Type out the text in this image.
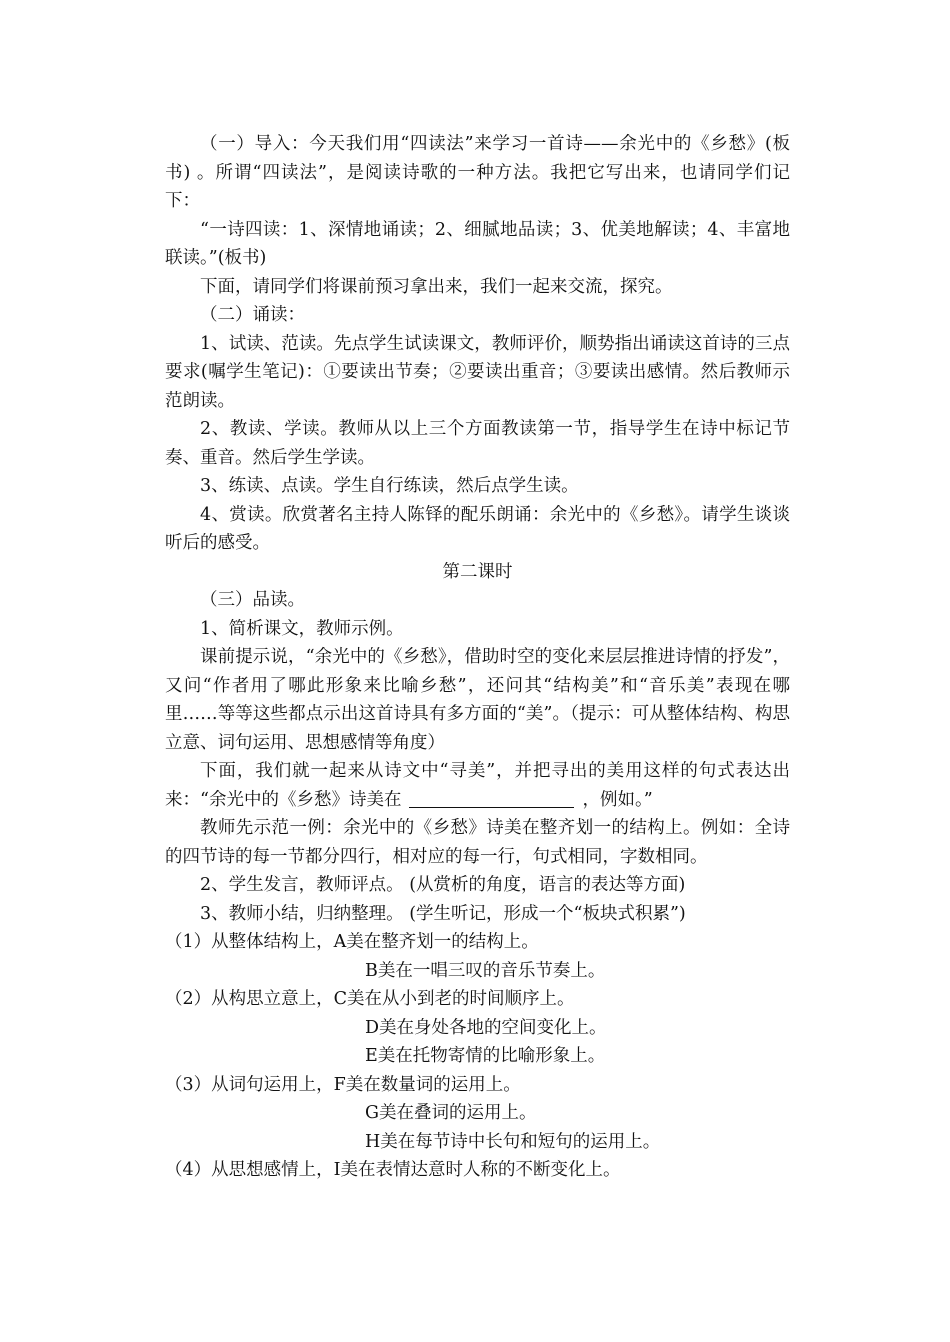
（一）导入：今天我们用“四读法”来学习一首诗——余光中的《乡愁》(板书) 。所谓“四读法”，是阅读诗歌的一种方法。我把它写出来，也请同学们记下：

“一诗四读：1、深情地诵读；2、细腻地品读；3、优美地解读；4、丰富地联读。”(板书)

下面，请同学们将课前预习拿出来，我们一起来交流，探究。

（二）诵读：

1、试读、范读。先点学生试读课文，教师评价，顺势指出诵读这首诗的三点要求(嘱学生笔记)：①要读出节奏；②要读出重音；③要读出感情。然后教师示范朗读。

2、教读、学读。教师从以上三个方面教读第一节，指导学生在诗中标记节奏、重音。然后学生学读。

3、练读、点读。学生自行练读，然后点学生读。

4、赏读。欣赏著名主持人陈铎的配乐朗诵：余光中的《乡愁》。请学生谈谈听后的感受。

第二课时

（三）品读。

1、简析课文，教师示例。

课前提示说，“余光中的《乡愁》，借助时空的变化来层层推进诗情的抒发”，又问“作者用了哪此形象来比喻乡愁”，还问其“结构美”和“音乐美”表现在哪里……等等这些都点示出这首诗具有多方面的“美”。（提示：可从整体结构、构思立意、词句运用、思想感情等角度）

下面，我们就一起来从诗文中“寻美”，并把寻出的美用这样的句式表达出来：“余光中的《乡愁》诗美在	，例如。”

教师先示范一例：余光中的《乡愁》诗美在整齐划一的结构上。例如：全诗的四节诗的每一节都分四行，相对应的每一行，句式相同，字数相同。

2、学生发言，教师评点。 (从赏析的角度，语言的表达等方面)

3、教师小结，归纳整理。 (学生听记，形成一个“板块式积累”)

（1）从整体结构上，A美在整齐划一的结构上。

B美在一唱三叹的音乐节奏上。

（2）从构思立意上，C美在从小到老的时间顺序上。

D美在身处各地的空间变化上。

E美在托物寄情的比喻形象上。

（3）从词句运用上，F美在数量词的运用上。

G美在叠词的运用上。

H美在每节诗中长句和短句的运用上。

（4）从思想感情上，I美在表情达意时人称的不断变化上。
